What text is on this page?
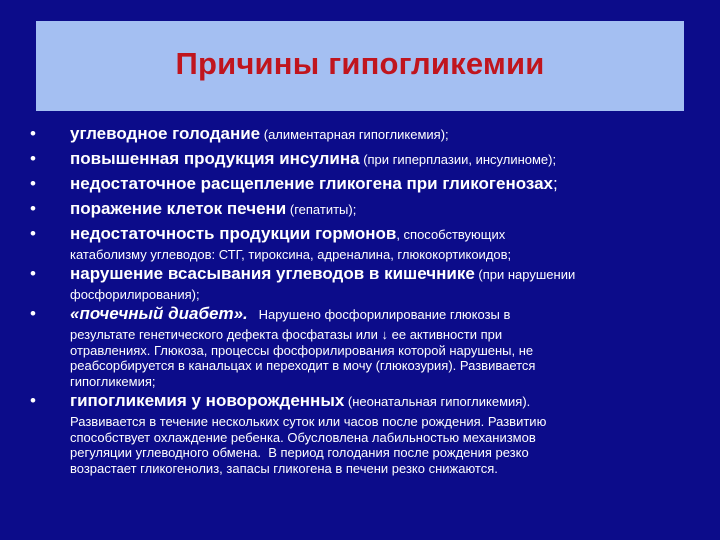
Причины гипогликемии
• углеводное голодание (алиментарная гипогликемия);
• повышенная продукция инсулина (при гиперплазии, инсулиноме);
• недостаточное расщепление гликогена при гликогенозах;
• поражение клеток печени (гепатиты);
• недостаточность продукции гормонов, способствующих
катаболизму углеводов: СТГ, тироксина, адреналина, глюкокортикоидов;
• нарушение всасывания углеводов в кишечнике (при нарушении
фосфорилирования);
• «почечный диабет».   Нарушено фосфорилирование глюкозы в
результате генетического дефекта фосфатазы или ↓ ее активности при
отравлениях. Глюкоза, процессы фосфорилирования которой нарушены, не
реабсорбируется в канальцах и переходит в мочу (глюкозурия). Развивается
гипогликемия;
• гипогликемия у новорожденных (неонатальная гипогликемия).
Развивается в течение нескольких суток или часов после рождения. Развитию
способствует охлаждение ребенка. Обусловлена лабильностью механизмов
регуляции углеводного обмена.  В период голодания после рождения резко
возрастает гликогенолиз, запасы гликогена в печени резко снижаются.
